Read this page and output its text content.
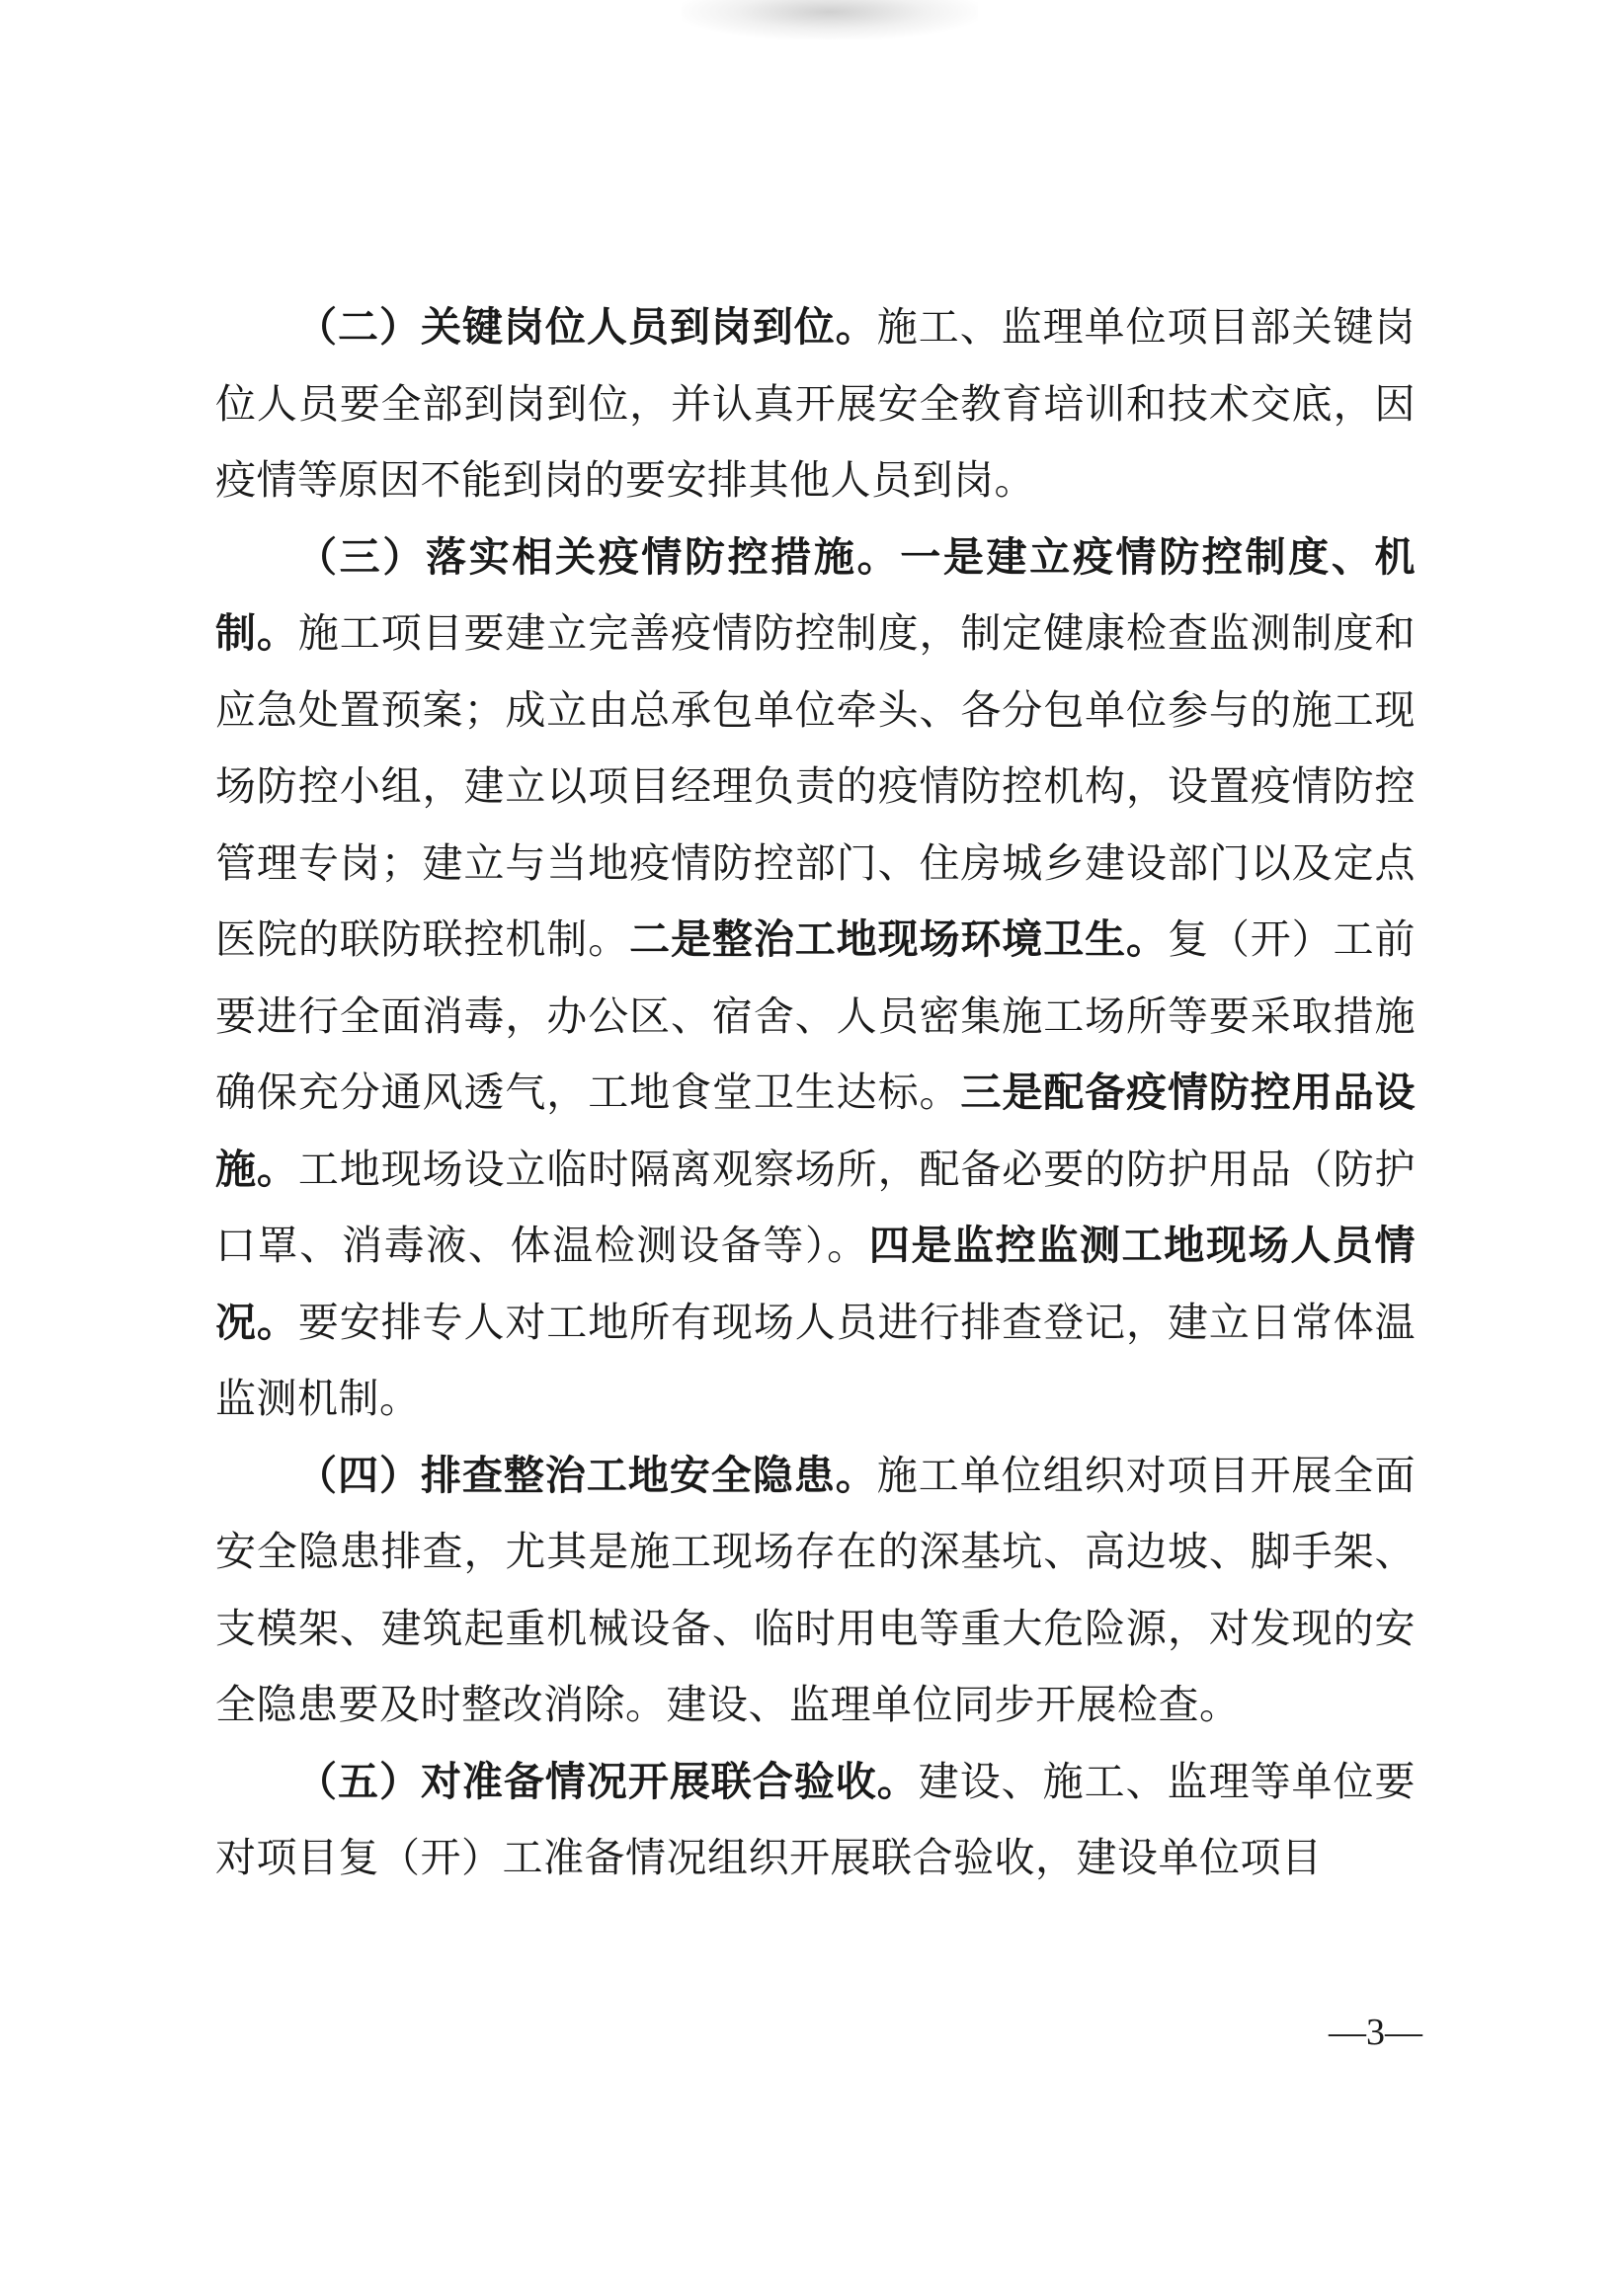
（二）关键岗位人员到岗到位。施工、监理单位项目部关键岗位人员要全部到岗到位，并认真开展安全教育培训和技术交底，因疫情等原因不能到岗的要安排其他人员到岗。

（三）落实相关疫情防控措施。一是建立疫情防控制度、机制。施工项目要建立完善疫情防控制度，制定健康检查监测制度和应急处置预案；成立由总承包单位牵头、各分包单位参与的施工现场防控小组，建立以项目经理负责的疫情防控机构，设置疫情防控管理专岗；建立与当地疫情防控部门、住房城乡建设部门以及定点医院的联防联控机制。二是整治工地现场环境卫生。复（开）工前要进行全面消毒，办公区、宿舍、人员密集施工场所等要采取措施确保充分通风透气，工地食堂卫生达标。三是配备疫情防控用品设施。工地现场设立临时隔离观察场所，配备必要的防护用品（防护口罩、消毒液、体温检测设备等）。四是监控监测工地现场人员情况。要安排专人对工地所有现场人员进行排查登记，建立日常体温监测机制。

（四）排查整治工地安全隐患。施工单位组织对项目开展全面安全隐患排查，尤其是施工现场存在的深基坑、高边坡、脚手架、支模架、建筑起重机械设备、临时用电等重大危险源，对发现的安全隐患要及时整改消除。建设、监理单位同步开展检查。

（五）对准备情况开展联合验收。建设、施工、监理等单位要对项目复（开）工准备情况组织开展联合验收，建设单位项目

—3—
